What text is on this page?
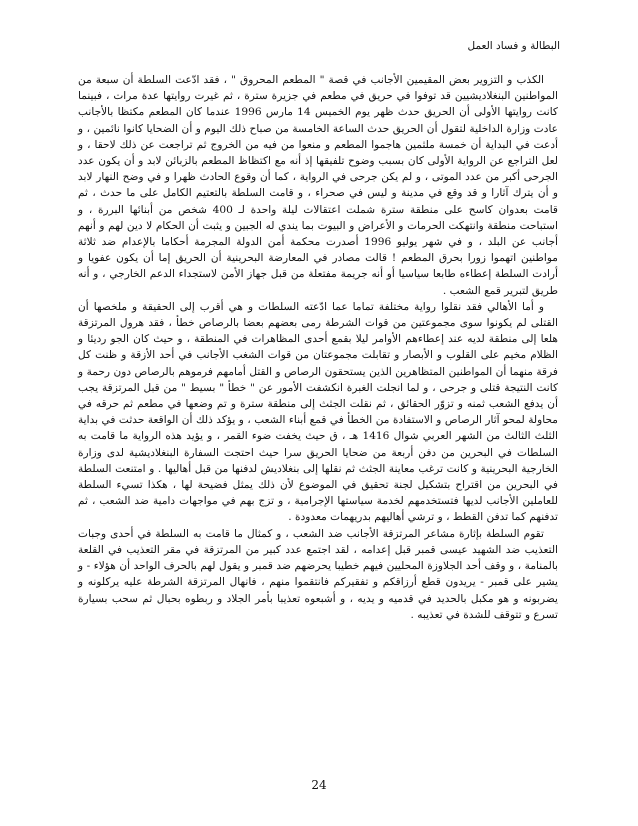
البطالة و فساد العمل

الكذب و التزوير بعض المقيمين الأجانب في قصة " المطعم المحروق " ، فقد ادّعت السلطة أن سبعة من المواطنين البنغلاديشيين قد توفوا في حريق في مطعم في جزيرة سترة ، ثم غيرت روايتها عدة مرات ، فبينما كانت روايتها الأولى أن الحريق حدث ظهر يوم الخميس 14 مارس 1996 عندما كان المطعم مكتظا بالأجانب عادت وزارة الداخلية لتقول أن الحريق حدث الساعة الخامسة من صباح ذلك اليوم و أن الضحايا كانوا نائمين ، و أدعت في البداية أن خمسة ملثمين هاجموا المطعم و منعوا من فيه من الخروج ثم تراجعت عن ذلك لاحقا ، و لعل التراجع عن الرواية الأولى كان بسبب وضوح تلفيقها إذ أنه مع اكتظاظ المطعم بالزبائن لابد و أن يكون عدد الجرحى أكبر من عدد الموتى ، و لم يكن جرحى في الرواية ، كما أن وقوع الحادث ظهرا و في وضح النهار لابد و أن يترك آثارا و قد وقع في مدينة و ليس في صحراء ، و قامت السلطة بالتعتيم الكامل على ما حدث ، ثم قامت بعدوان كاسح على منطقة سترة شملت اعتقالات ليلة واحدة لـ 400 شخص من أبنائها البررة ، و استباحت منطقة وانتهكت الحرمات و الأعراض و البيوت بما يندي له الجبين و يثبت أن الحكام لا دين لهم و أنهم أجانب عن البلد ، و في شهر يوليو 1996 أصدرت محكمة أمن الدولة المجرمة أحكاما بالإعدام ضد ثلاثة مواطنين اتهموا زورا بحرق المطعم ! قالت مصادر في المعارضة البحرينية أن الحريق إما أن يكون عفويا و أرادت السلطة إعطاءه طابعا سياسيا أو أنه جريمة مفتعلة من قبل جهاز الأمن لاستجداء الدعم الخارجي ، و أنه طريق لتبرير قمع الشعب .

و أما الأهالي فقد نقلوا رواية مختلفة تماما عما ادّعته السلطات و هي أقرب إلى الحقيقة و ملخصها أن القتلى لم يكونوا سوى مجموعتين من قوات الشرطة رمى بعضهم بعضا بالرصاص خطأ ، فقد هرول المرتزقة هلعا إلى منطقة لديه عند إعطاءهم الأوامر ليلا بقمع أحدى المظاهرات في المنطقة ، و حيث كان الجو رديئا و الظلام مخيم على القلوب و الأبصار و تقابلت مجموعتان من قوات الشغب الأجانب في أحد الأزقة و ظنت كل فرقة منهما أن المواطنين المتظاهرين الذين يستحقون الرصاص و القتل أمامهم فرموهم بالرصاص دون رحمة و كانت النتيجة قتلى و جرحى ، و لما انجلت الغبرة انكشفت الأمور عن " خطأ " بسيط " من قبل المرتزقة يجب أن يدفع الشعب ثمنه و تزوّر الحقائق ، ثم نقلت الجثث إلى منطقة سترة و تم وضعها في مطعم ثم حرقه في محاولة لمحو آثار الرصاص و الاستفادة من الخطأ في قمع أبناء الشعب ، و يؤكد ذلك أن الواقعة حدثت في بداية الثلث الثالث من الشهر العربي شوال 1416 هـ ، ق حيث يخفت ضوء القمر ، و يؤيد هذه الرواية ما قامت به السلطات في البحرين من دفن أربعة من ضحايا الحريق سرا حيث احتجت السفارة البنغلاديشية لدى وزارة الخارجية البحرينية و كانت ترغب معاينة الجثث ثم نقلها إلى بنغلاديش لدفنها من قبل أهاليها . و امتنعت السلطة في البحرين من اقتراح بتشكيل لجنة تحقيق في الموضوع لأن ذلك يمثل فضيحة لها ، هكذا تسيء السلطة للعاملين الأجانب لديها فتستخدمهم لخدمة سياستها الإجرامية ، و تزج بهم في مواجهات دامية ضد الشعب ، ثم تدفنهم كما تدفن القطط ، و ترشي أهاليهم بدريهمات معدودة .

تقوم السلطة بإثارة مشاعر المرتزقة الأجانب ضد الشعب ، و كمثال ما قامت به السلطة في أحدى وجبات التعذيب ضد الشهيد عيسى قمبر قبل إعدامه ، لقد اجتمع عدد كبير من المرتزقة في مقر التعذيب في القلعة بالمنامة ، و وقف أحد الجلاوزة المحليين فيهم خطيبا يحرضهم ضد قمبر و يقول لهم بالحرف الواحد أن هؤلاء - و يشير على قمبر - يريدون قطع أرزاقكم و تفقيركم فانتقموا منهم ، فانهال المرتزقة الشرطة عليه يركلونه و يضربونه و هو مكبل بالحديد في قدميه و يديه ، و أشبعوه تعذيبا بأمر الجلاد و ربطوه بحبال ثم سحب بسيارة تسرع و تتوقف للشدة في تعذيبه .

24
